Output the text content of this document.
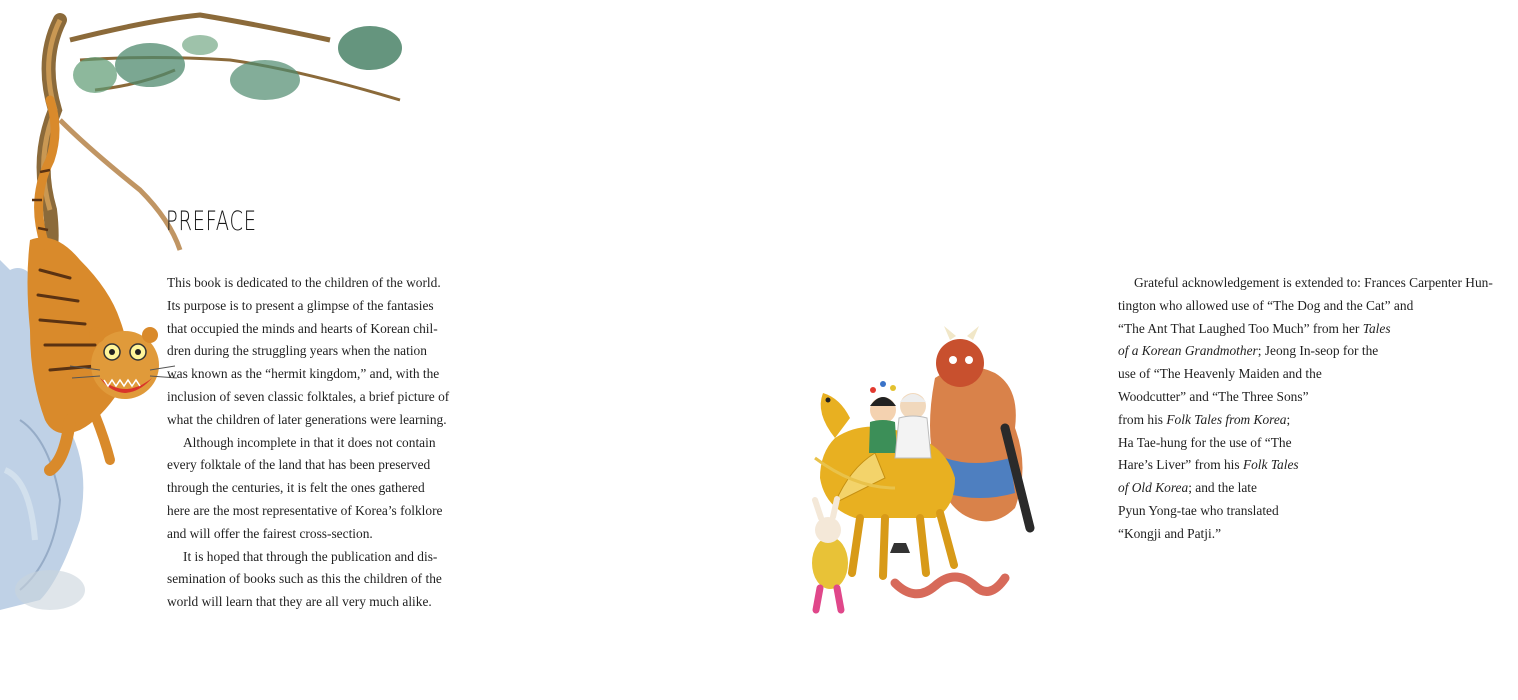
PREFACE

This book is dedicated to the children of the world.
Its purpose is to present a glimpse of the fantasies
that occupied the minds and hearts of Korean chil-
dren during the struggling years when the nation
was known as the “hermit kingdom,” and, with the
inclusion of seven classic folktales, a brief picture of
what the children of later generations were learning.

Although incomplete in that it does not contain
every folktale of the land that has been preserved
through the centuries, it is felt the ones gathered
here are the most representative of Korea’s folklore
and will offer the fairest cross-section.

It is hoped that through the publication and dis-
semination of books such as this the children of the
world will learn that they are all very much alike.

Grateful acknowledgement is extended to: Frances Carpenter Hun-
tington who allowed use of “The Dog and the Cat” and
“The Ant That Laughed Too Much” from her Tales
of a Korean Grandmother; Jeong In-seop for the
use of “The Heavenly Maiden and the
Woodcutter” and “The Three Sons”
from his Folk Tales from Korea;
Ha Tae-hung for the use of “The
Hare’s Liver” from his Folk Tales
of Old Korea; and the late
Pyun Yong-tae who translated
“Kongji and Patji.”
